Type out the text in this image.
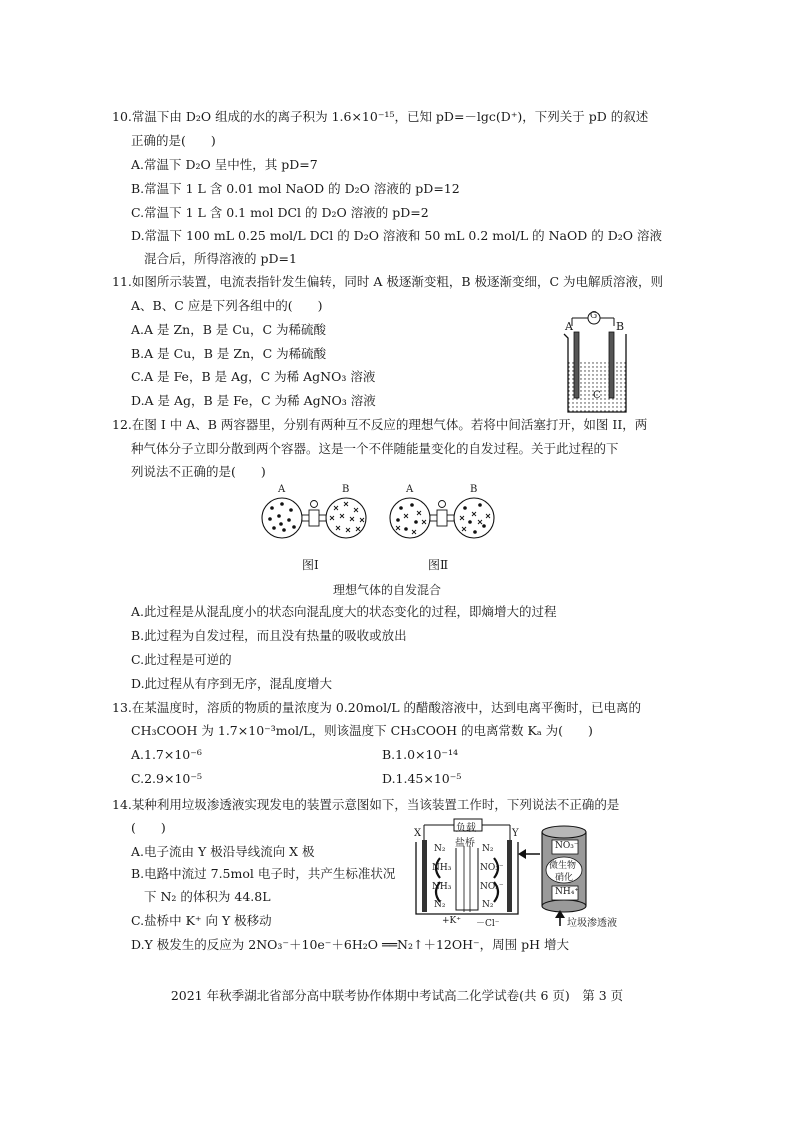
10.常温下由 D₂O 组成的水的离子积为 1.6×10⁻¹⁵，已知 pD=－lgc(D⁺)，下列关于 pD 的叙述
正确的是(　　)
A.常温下 D₂O 呈中性，其 pD=7
B.常温下 1 L 含 0.01 mol NaOD 的 D₂O 溶液的 pD=12
C.常温下 1 L 含 0.1 mol DCl 的 D₂O 溶液的 pD=2
D.常温下 100 mL 0.25 mol/L DCl 的 D₂O 溶液和 50 mL 0.2 mol/L 的 NaOD 的 D₂O 溶液
混合后，所得溶液的 pD=1
11.如图所示装置，电流表指针发生偏转，同时 A 极逐渐变粗，B 极逐渐变细，C 为电解质溶液，则
A、B、C 应是下列各组中的(　　)
A.A 是 Zn，B 是 Cu，C 为稀硫酸
B.A 是 Cu，B 是 Zn，C 为稀硫酸
C.A 是 Fe，B 是 Ag，C 为稀 AgNO₃ 溶液
D.A 是 Ag，B 是 Fe，C 为稀 AgNO₃ 溶液
A	B
G
C
12.在图 I 中 A、B 两容器里，分别有两种互不反应的理想气体。若将中间活塞打开，如图 II，两
种气体分子立即分散到两个容器。这是一个不伴随能量变化的自发过程。关于此过程的下
列说法不正确的是(　　)
A	B	A	B
图Ⅰ	图Ⅱ
理想气体的自发混合
A.此过程是从混乱度小的状态向混乱度大的状态变化的过程，即熵增大的过程
B.此过程为自发过程，而且没有热量的吸收或放出
C.此过程是可逆的
D.此过程从有序到无序，混乱度增大
13.在某温度时，溶质的物质的量浓度为 0.20mol/L 的醋酸溶液中，达到电离平衡时，已电离的
CH₃COOH 为 1.7×10⁻³mol/L，则该温度下 CH₃COOH 的电离常数 Kₐ 为(　　)
A.1.7×10⁻⁶	B.1.0×10⁻¹⁴
C.2.9×10⁻⁵	D.1.45×10⁻⁵
14.某种利用垃圾渗透液实现发电的装置示意图如下，当该装置工作时，下列说法不正确的是
(　　)
A.电子流由 Y 极沿导线流向 X 极
B.电路中流过 7.5mol 电子时，共产生标准状况
下 N₂ 的体积为 44.8L
C.盐桥中 K⁺ 向 Y 极移动
D.Y 极发生的反应为 2NO₃⁻＋10e⁻＋6H₂O ══N₂↑＋12OH⁻，周围 pH 增大
负载
盐桥
X	Y
N₂
NH₃
NH₃
N₂
N₂
NO₃⁻
NO₃⁻
N₂
+K⁺ －Cl⁻
NO₃⁻
微生物
硝化
NH₄⁺
垃圾渗透液
2021 年秋季湖北省部分高中联考协作体期中考试高二化学试卷(共 6 页)　第 3 页
